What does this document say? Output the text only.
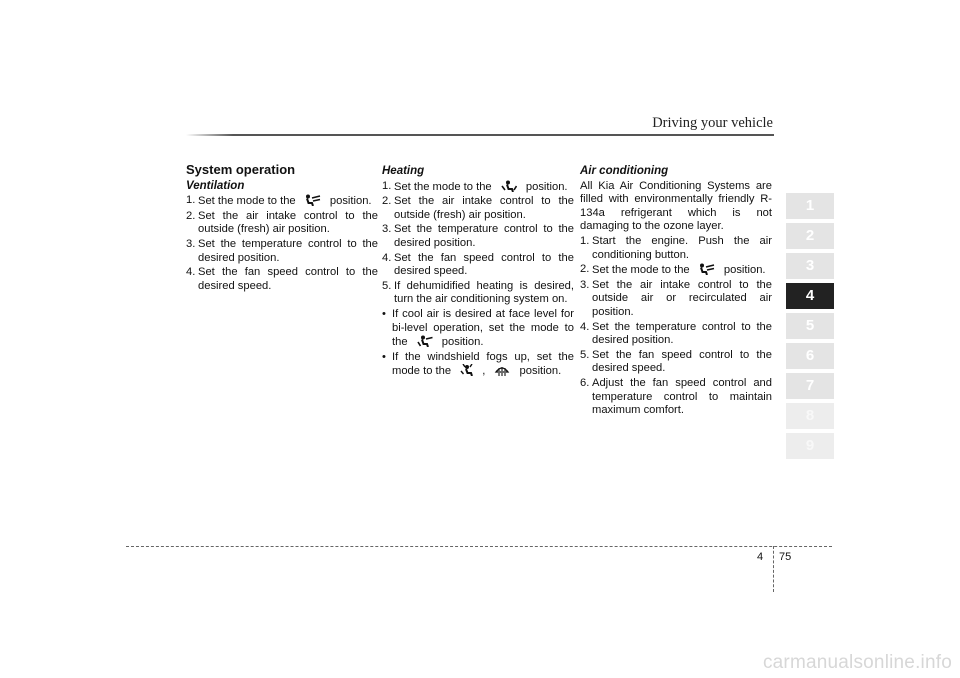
Driving your vehicle
System operation
Ventilation
1. Set the mode to the	position.
2. Set the air intake control to the outside (fresh) air position.
3. Set the temperature control to the desired position.
4. Set the fan speed control to the desired speed.
Heating
1. Set the mode to the	position.
2. Set the air intake control to the outside (fresh) air position.
3. Set the temperature control to the desired position.
4. Set the fan speed control to the desired speed.
5. If dehumidified heating is desired, turn the air conditioning system on.
• If cool air is desired at face level for bi-level operation, set the mode to the	position.
• If the windshield fogs up, set the mode to the	,	position.
Air conditioning
All Kia Air Conditioning Systems are filled with environmentally friendly R-134a refrigerant which is not damaging to the ozone layer.
1. Start the engine. Push the air conditioning button.
2. Set the mode to the	position.
3. Set the air intake control to the outside air or recirculated air position.
4. Set the temperature control to the desired position.
5. Set the fan speed control to the desired speed.
6. Adjust the fan speed control and temperature control to maintain maximum comfort.
1
2
3
4
5
6
7
8
9
4 75
carmanualsonline.info
